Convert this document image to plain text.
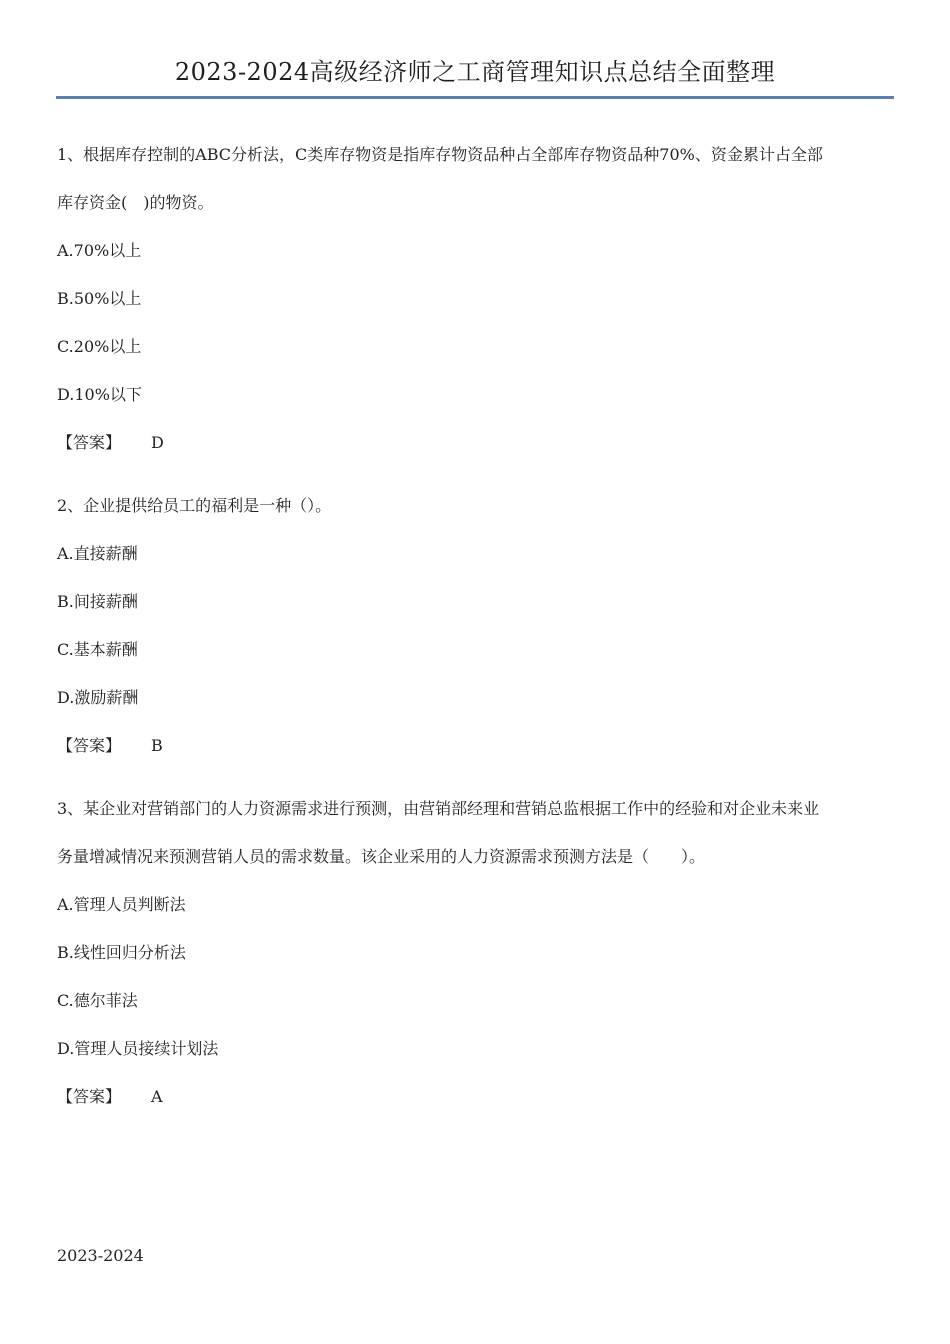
2023-2024高级经济师之工商管理知识点总结全面整理
1、根据库存控制的ABC分析法，C类库存物资是指库存物资品种占全部库存物资品种70%、资金累计占全部
库存资金(　)的物资。
A.70%以上
B.50%以上
C.20%以上
D.10%以下
【答案】 D
2、企业提供给员工的福利是一种（）。
A.直接薪酬
B.间接薪酬
C.基本薪酬
D.激励薪酬
【答案】 B
3、某企业对营销部门的人力资源需求进行预测，由营销部经理和营销总监根据工作中的经验和对企业未来业
务量增减情况来预测营销人员的需求数量。该企业采用的人力资源需求预测方法是（　　）。
A.管理人员判断法
B.线性回归分析法
C.德尔菲法
D.管理人员接续计划法
【答案】 A
2023-2024
